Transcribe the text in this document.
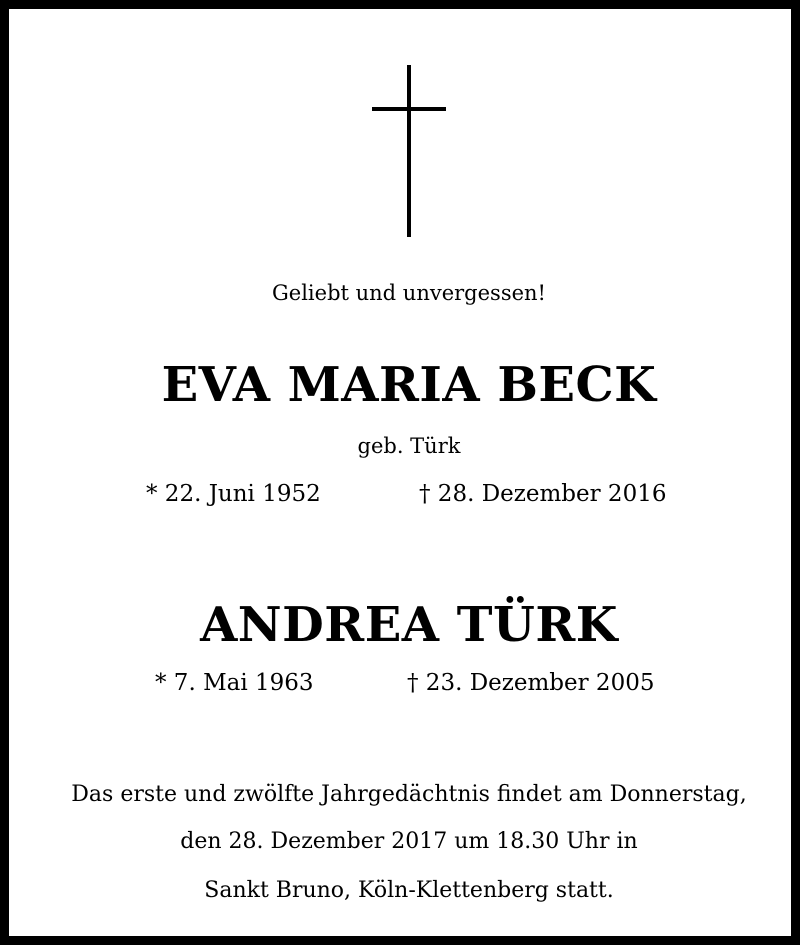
Geliebt und unvergessen!
EVA MARIA BECK
geb. Türk
* 22. Juni 1952	† 28. Dezember 2016
ANDREA TÜRK
* 7. Mai 1963	† 23. Dezember 2005
Das erste und zwölfte Jahrgedächtnis findet am Donnerstag,
den 28. Dezember 2017 um 18.30 Uhr in
Sankt Bruno, Köln-Klettenberg statt.
